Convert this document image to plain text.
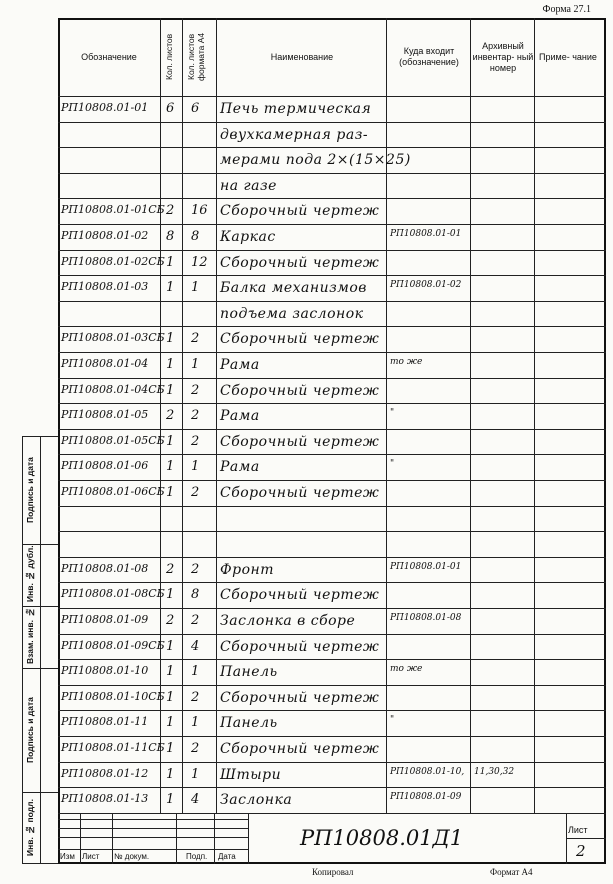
Форма 27.1
Обозначение	Кол. листов Кол. листов формата А4	Наименование
Куда входит (обозначение)
Архивный инвентар- ный номер
Приме- чание
РП10808.01-01 6 6 Печь термическая
двухкамерная раз-
мерами пода 2×(15×25)
на газе
РП10808.01-01СБ 2 16 Сборочный чертеж
РП10808.01-02 8 8 Каркас	РП10808.01-01
РП10808.01-02СБ 1 12 Сборочный чертеж
РП10808.01-03 1 1 Балка механизмов	РП10808.01-02
подъема заслонок
РП10808.01-03СБ 1 2 Сборочный чертеж
РП10808.01-04 1 1 Рама	то же
РП10808.01-04СБ 1 2 Сборочный чертеж
РП10808.01-05 2 2 Рама	"
РП10808.01-05СБ 1 2 Сборочный чертеж
РП10808.01-06 1 1 Рама	"
РП10808.01-06СБ 1 2 Сборочный чертеж
РП10808.01-08 2 2 Фронт	РП10808.01-01
РП10808.01-08СБ 1 8 Сборочный чертеж
РП10808.01-09 2 2 Заслонка в сборе	РП10808.01-08
РП10808.01-09СБ 1 4 Сборочный чертеж
РП10808.01-10 1 1 Панель	то же
РП10808.01-10СБ 1 2 Сборочный чертеж
РП10808.01-11 1 1 Панель	"
РП10808.01-11СБ 1 2 Сборочный чертеж
РП10808.01-12 1 1 Штыри	РП10808.01-10, 11,30,32
РП10808.01-13 1 4 Заслонка	РП10808.01-09
Подпись и дата
Инв. № дубл.
Взам. инв. №
Подпись и дата
Инв. № подл.	РП10808.01Д1	Лист
2
Изм Лист № докум.	Подп. Дата
Копировал	Формат А4
